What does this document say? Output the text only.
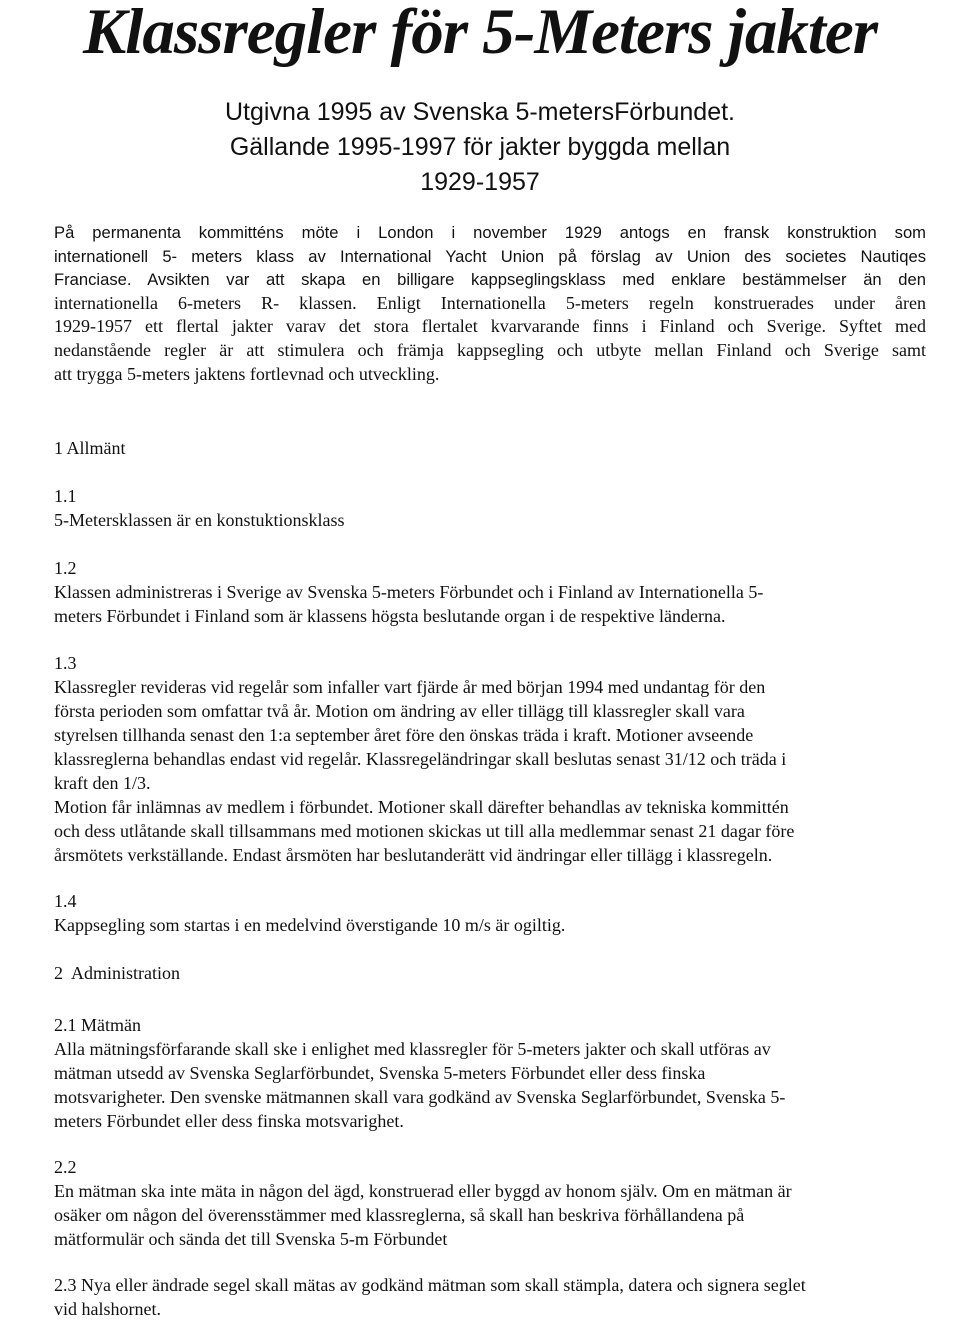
Klassregler för 5-Meters jakter
Utgivna 1995 av Svenska 5-metersFörbundet.
Gällande 1995-1997 för jakter byggda mellan
1929-1957
På permanenta kommitténs möte i London i november 1929 antogs en fransk konstruktion som
internationell 5- meters klass av International Yacht Union på förslag av Union des societes Nautiqes
Franciase. Avsikten var att skapa en billigare kappseglingsklass med enklare bestämmelser än den
internationella 6-meters R- klassen. Enligt Internationella 5-meters regeln konstruerades under åren
1929-1957 ett flertal jakter varav det stora flertalet kvarvarande finns i Finland och Sverige. Syftet med
nedanstående regler är att stimulera och främja kappsegling och utbyte mellan Finland och Sverige samt
att trygga 5-meters jaktens fortlevnad och utveckling.
1 Allmänt
1.1
5-Metersklassen är en konstuktionsklass
1.2
Klassen administreras i Sverige av Svenska 5-meters Förbundet och i Finland av Internationella 5-
meters Förbundet i Finland som är klassens högsta beslutande organ i de respektive länderna.
1.3
Klassregler revideras vid regelår som infaller vart fjärde år med början 1994 med undantag för den
första perioden som omfattar två år. Motion om ändring av eller tillägg till klassregler skall vara
styrelsen tillhanda senast den 1:a september året före den önskas träda i kraft. Motioner avseende
klassreglerna behandlas endast vid regelår. Klassregeländringar skall beslutas senast 31/12 och träda i
kraft den 1/3.
Motion får inlämnas av medlem i förbundet. Motioner skall därefter behandlas av tekniska kommittén
och dess utlåtande skall tillsammans med motionen skickas ut till alla medlemmar senast 21 dagar före
årsmötets verkställande. Endast årsmöten har beslutanderätt vid ändringar eller tillägg i klassregeln.
1.4
Kappsegling som startas i en medelvind överstigande 10 m/s är ogiltig.
2  Administration
2.1 Mätmän
Alla mätningsförfarande skall ske i enlighet med klassregler för 5-meters jakter och skall utföras av
mätman utsedd av Svenska Seglarförbundet, Svenska 5-meters Förbundet eller dess finska
motsvarigheter. Den svenske mätmannen skall vara godkänd av Svenska Seglarförbundet, Svenska 5-
meters Förbundet eller dess finska motsvarighet.
2.2
En mätman ska inte mäta in någon del ägd, konstruerad eller byggd av honom själv. Om en mätman är
osäker om någon del överensstämmer med klassreglerna, så skall han beskriva förhållandena på
mätformulär och sända det till Svenska 5-m Förbundet
2.3 Nya eller ändrade segel skall mätas av godkänd mätman som skall stämpla, datera och signera seglet
vid halshornet.
